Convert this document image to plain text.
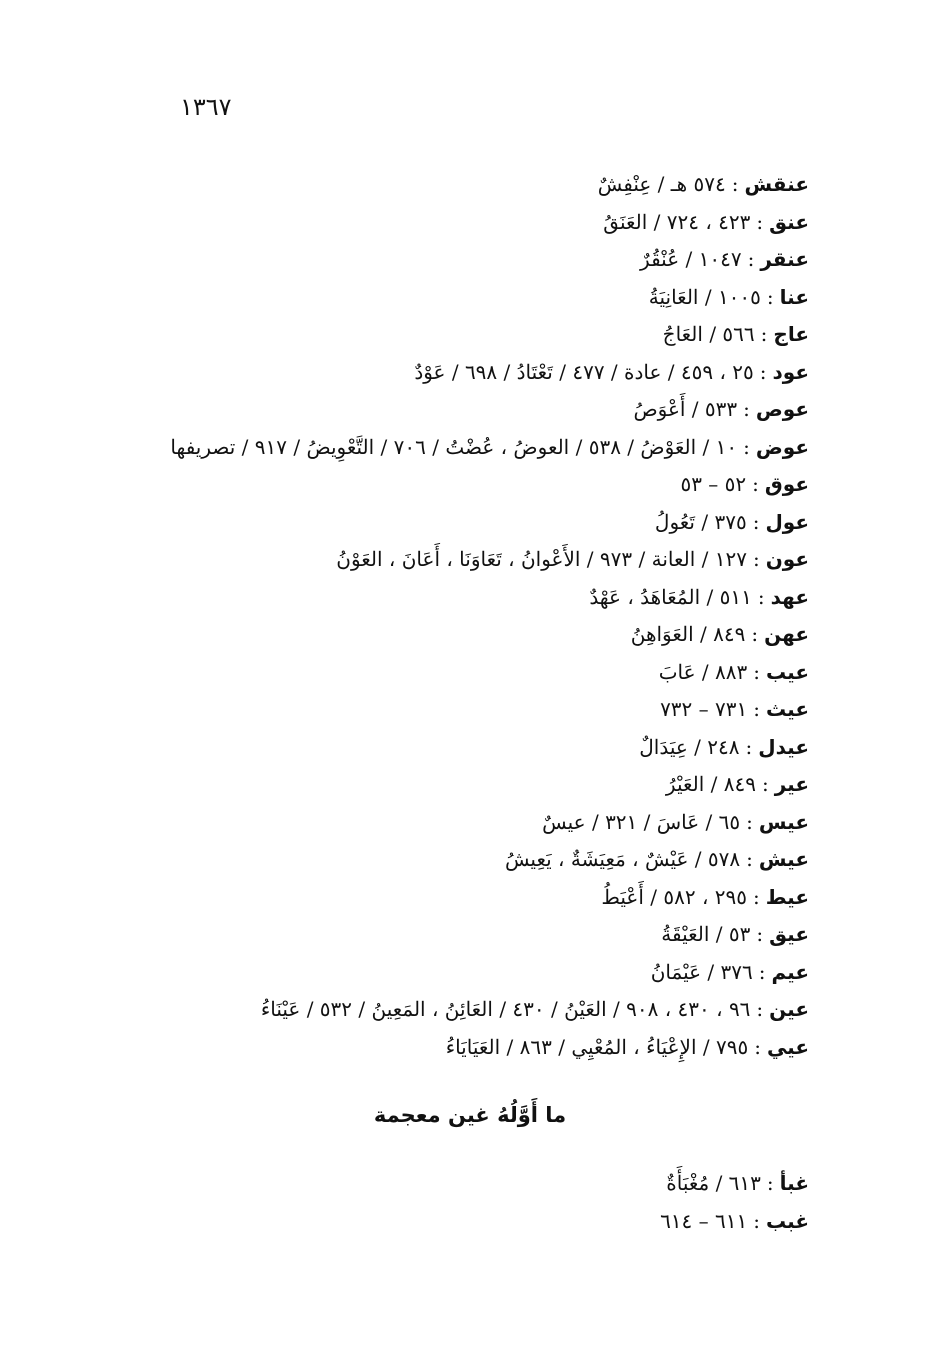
١٣٦٧
عنقش:٥٧٤ هـ / عِنْفِشٌ
عنق:٤٢٣ ، ٧٢٤ / العَنَقُ
عنقر:١٠٤٧ / عُنْقُرٌ
عنا:١٠٠٥ / العَانِيَةُ
عاج:٥٦٦ / العَاجُ
عود:٢٥ ، ٤٥٩ / عادة / ٤٧٧ / تَعْتَادُ / ٦٩٨ / عَوْدٌ
عوص:٥٣٣ / أَعْوَصُ
عوض:١٠ / العَوْضُ / ٥٣٨ / العوضُ ، عُضْتُ / ٧٠٦ / التَّعْوِيضُ / ٩١٧ / تصريفها
عوق:٥٢ – ٥٣
عول:٣٧٥ / تَعُولُ
عون:١٢٧ / العانة / ٩٧٣ / الأَعْوانُ ، تَعَاوَنَا ، أَعَانَ ، العَوْنُ
عهد:٥١١ / المُعَاهَدُ ، عَهْدٌ
عهن:٨٤٩ / العَوَاهِنُ
عيب:٨٨٣ / عَابَ
عيث:٧٣١ – ٧٣٢
عيدل:٢٤٨ / عِيَدَالٌ
عير:٨٤٩ / العَيْرُ
عيس:٦٥ / عَاسَ / ٣٢١ / عيسٌ
عيش:٥٧٨ / عَيْشٌ ، مَعِيَشَةٌ ، يَعِيشُ
عيط:٢٩٥ ، ٥٨٢ / أَعْيَطُ
عيق:٥٣ / العَيْقَةُ
عيم:٣٧٦ / عَيْمَانُ
عين:٩٦ ، ٤٣٠ ، ٩٠٨ / العَيْنُ / ٤٣٠ / العَائِنُ ، المَعِينُ / ٥٣٢ / عَيْنَاءُ
عيي:٧٩٥ / الإِعْيَاءُ ، المُعْيِي / ٨٦٣ / العَيَايَاءُ
ما أَوَّلُهُ غين معجمة
غبأ:٦١٣ / مُغْبَأَةٌ
غبب:٦١١ – ٦١٤
